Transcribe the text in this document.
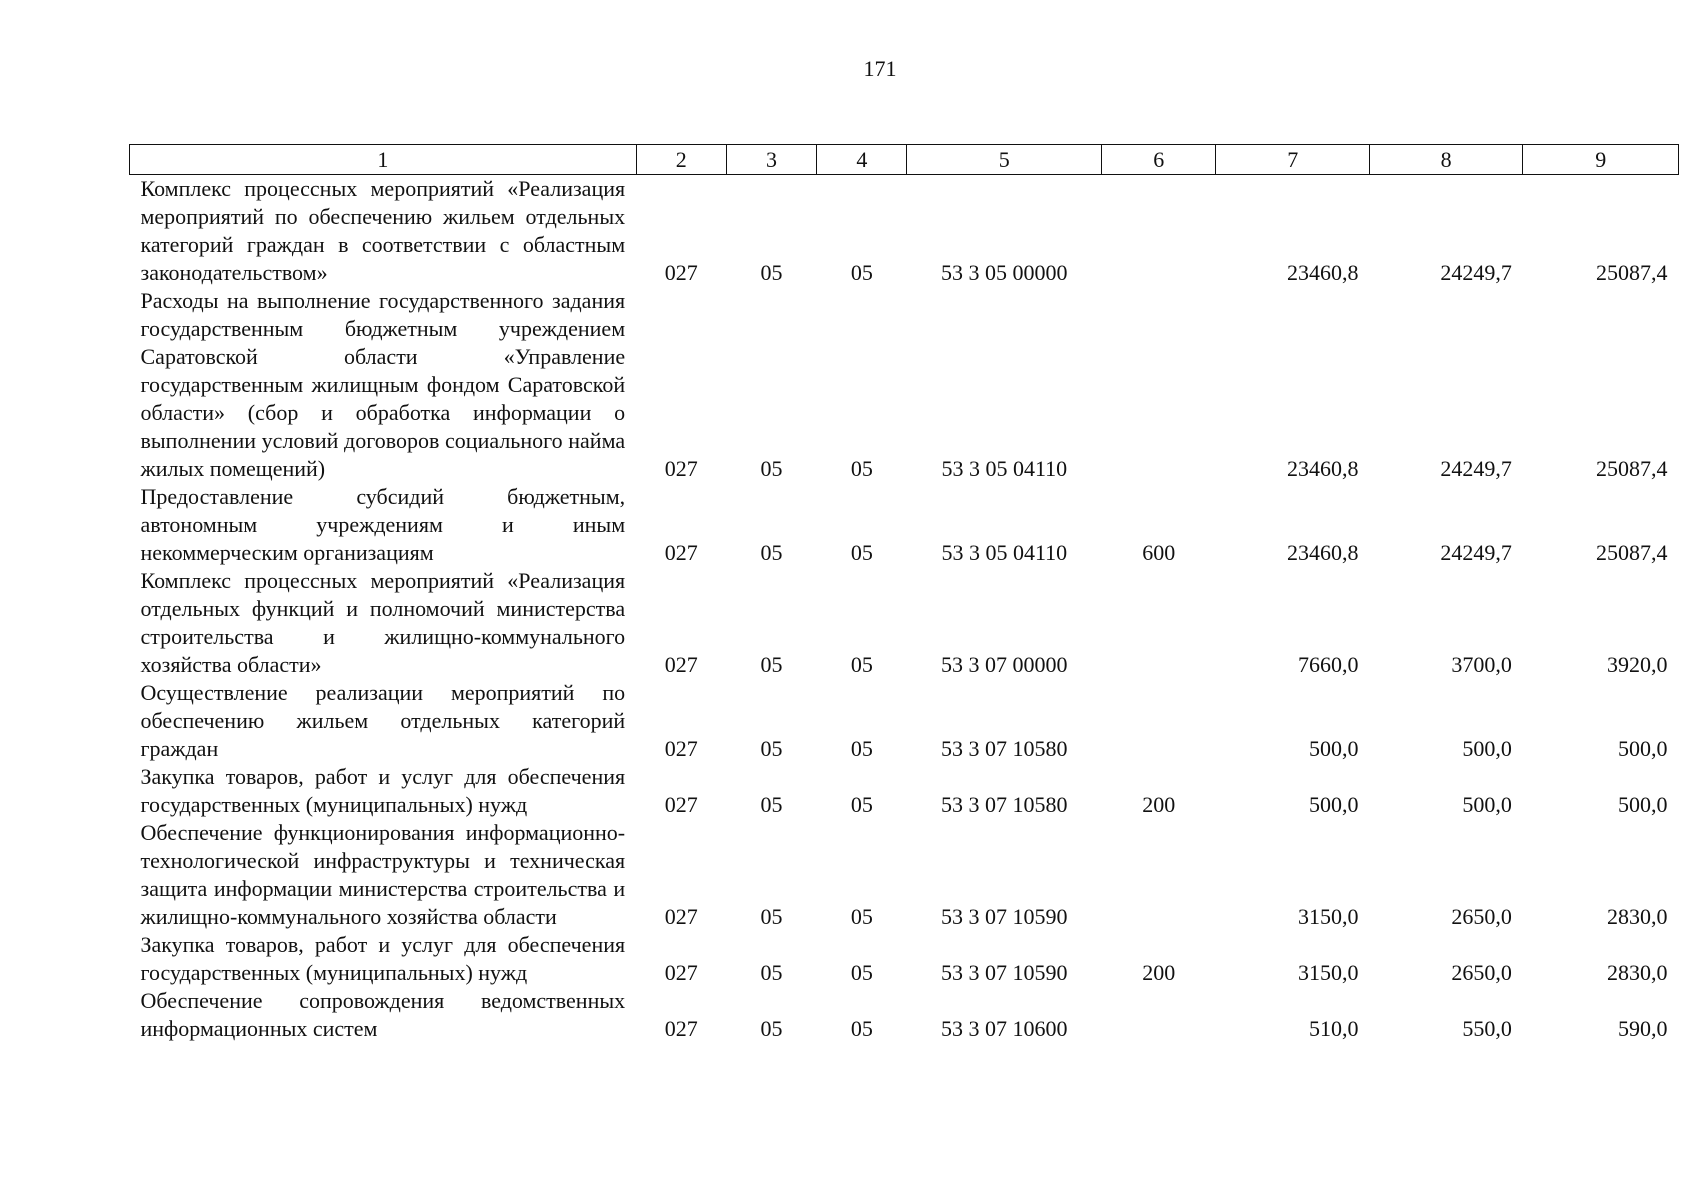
171
1	2	3	4	5	6	7	8	9
Комплекс процессных мероприятий «Реализация мероприятий по обеспечению жильем отдельных категорий граждан в соответствии с областным законодательством»	027	05	05	53 3 05 00000		23460,8	24249,7	25087,4
Расходы на выполнение государственного задания государственным бюджетным учреждением Саратовской области «Управление государственным жилищным фондом Саратовской области» (сбор и обработка информации о выполнении условий договоров социального найма жилых помещений)	027	05	05	53 3 05 04110		23460,8	24249,7	25087,4
Предоставление субсидий бюджетным, автономным учреждениям и иным некоммерческим организациям	027	05	05	53 3 05 04110	600	23460,8	24249,7	25087,4
Комплекс процессных мероприятий «Реализация отдельных функций и полномочий министерства строительства и жилищно-коммунального хозяйства области»	027	05	05	53 3 07 00000		7660,0	3700,0	3920,0
Осуществление реализации мероприятий по обеспечению жильем отдельных категорий граждан	027	05	05	53 3 07 10580		500,0	500,0	500,0
Закупка товаров, работ и услуг для обеспечения государственных (муниципальных) нужд	027	05	05	53 3 07 10580	200	500,0	500,0	500,0
Обеспечение функционирования информационно-технологической инфраструктуры и техническая защита информации министерства строительства и жилищно-коммунального хозяйства области	027	05	05	53 3 07 10590		3150,0	2650,0	2830,0
Закупка товаров, работ и услуг для обеспечения государственных (муниципальных) нужд	027	05	05	53 3 07 10590	200	3150,0	2650,0	2830,0
Обеспечение сопровождения ведомственных информационных систем	027	05	05	53 3 07 10600		510,0	550,0	590,0
